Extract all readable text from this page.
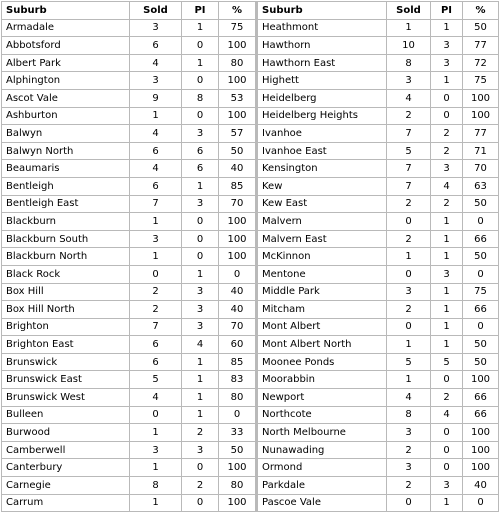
Suburb	Sold	PI	%	Suburb	Sold	PI	%
Armadale	3	1	75	Heathmont	1	1	50
Abbotsford	6	0	100	Hawthorn	10	3	77
Albert Park	4	1	80	Hawthorn East	8	3	72
Alphington	3	0	100	Highett	3	1	75
Ascot Vale	9	8	53	Heidelberg	4	0	100
Ashburton	1	0	100	Heidelberg Heights	2	0	100
Balwyn	4	3	57	Ivanhoe	7	2	77
Balwyn North	6	6	50	Ivanhoe East	5	2	71
Beaumaris	4	6	40	Kensington	7	3	70
Bentleigh	6	1	85	Kew	7	4	63
Bentleigh East	7	3	70	Kew East	2	2	50
Blackburn	1	0	100	Malvern	0	1	0
Blackburn South	3	0	100	Malvern East	2	1	66
Blackburn North	1	0	100	McKinnon	1	1	50
Black Rock	0	1	0	Mentone	0	3	0
Box Hill	2	3	40	Middle Park	3	1	75
Box Hill North	2	3	40	Mitcham	2	1	66
Brighton	7	3	70	Mont Albert	0	1	0
Brighton East	6	4	60	Mont Albert North	1	1	50
Brunswick	6	1	85	Moonee Ponds	5	5	50
Brunswick East	5	1	83	Moorabbin	1	0	100
Brunswick West	4	1	80	Newport	4	2	66
Bulleen	0	1	0	Northcote	8	4	66
Burwood	1	2	33	North Melbourne	3	0	100
Camberwell	3	3	50	Nunawading	2	0	100
Canterbury	1	0	100	Ormond	3	0	100
Carnegie	8	2	80	Parkdale	2	3	40
Carrum	1	0	100	Pascoe Vale	0	1	0
